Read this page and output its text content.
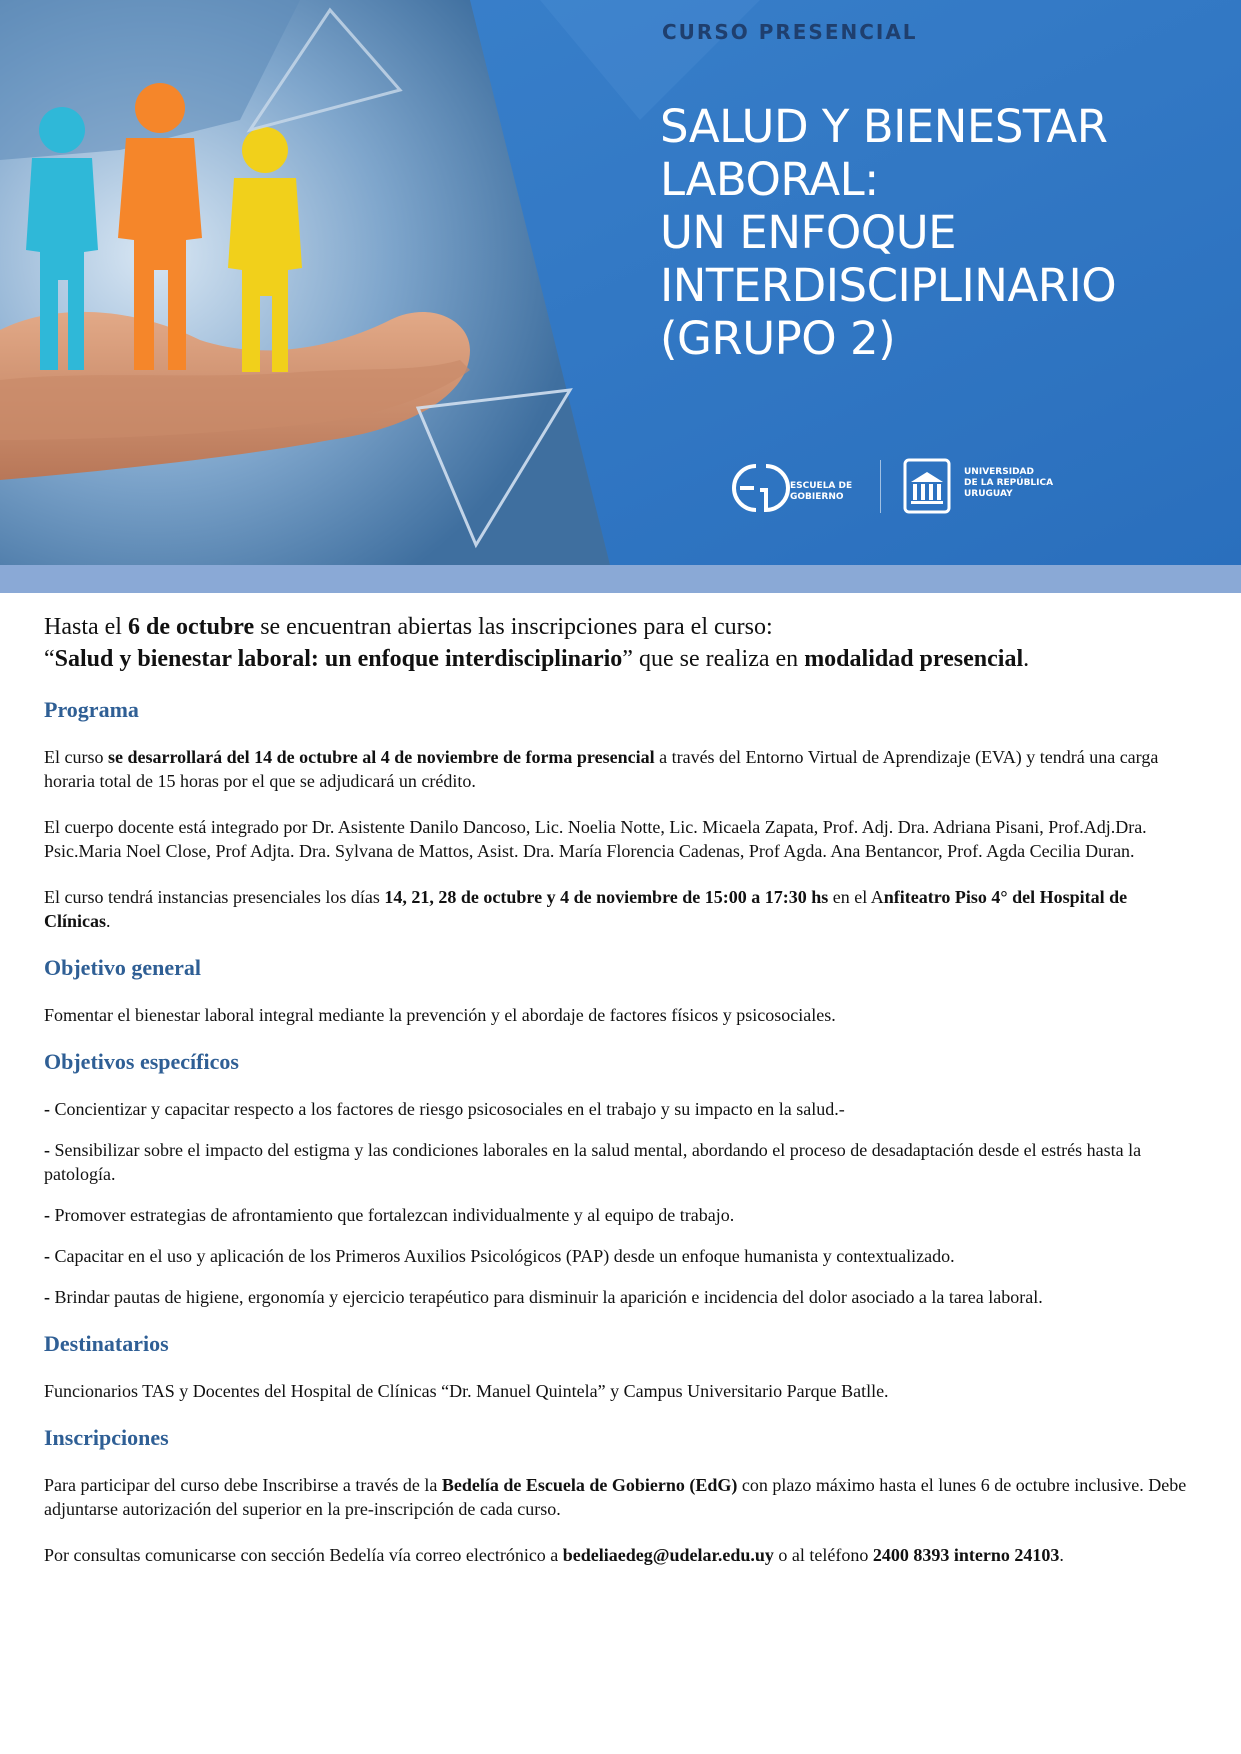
CURSO PRESENCIAL
SALUD Y BIENESTAR
LABORAL:
UN ENFOQUE
INTERDISCIPLINARIO
(GRUPO 2)
ESCUELA DE
GOBIERNO
UNIVERSIDAD
DE LA REPÚBLICA
URUGUAY
Hasta el 6 de octubre se encuentran abiertas las inscripciones para el curso:
“Salud y bienestar laboral: un enfoque interdisciplinario” que se realiza en modalidad presencial.
Programa

El curso se desarrollará del 14 de octubre al 4 de noviembre de forma presencial a través del Entorno Virtual de Aprendizaje (EVA) y tendrá una carga horaria total de 15 horas por el que se adjudicará un crédito.

El cuerpo docente está integrado por Dr. Asistente Danilo Dancoso, Lic. Noelia Notte, Lic. Micaela Zapata, Prof. Adj. Dra. Adriana Pisani, Prof.Adj.Dra. Psic.Maria Noel Close, Prof Adjta. Dra. Sylvana de Mattos, Asist. Dra. María Florencia Cadenas, Prof Agda. Ana Bentancor, Prof. Agda Cecilia Duran.

El curso tendrá instancias presenciales los días 14, 21, 28 de octubre y 4 de noviembre de 15:00 a 17:30 hs en el Anfiteatro Piso 4° del Hospital de Clínicas.

Objetivo general

Fomentar el bienestar laboral integral mediante la prevención y el abordaje de factores físicos y psicosociales.

Objetivos específicos

- Concientizar y capacitar respecto a los factores de riesgo psicosociales en el trabajo y su impacto en la salud.-

- Sensibilizar sobre el impacto del estigma y las condiciones laborales en la salud mental, abordando el proceso de desadaptación desde el estrés hasta la patología.

- Promover estrategias de afrontamiento que fortalezcan individualmente y al equipo de trabajo.

- Capacitar en el uso y aplicación de los Primeros Auxilios Psicológicos (PAP) desde un enfoque humanista y contextualizado.

- Brindar pautas de higiene, ergonomía y ejercicio terapéutico para disminuir la aparición e incidencia del dolor asociado a la tarea laboral.

Destinatarios

Funcionarios TAS y Docentes del Hospital de Clínicas “Dr. Manuel Quintela” y Campus Universitario Parque Batlle.

Inscripciones

Para participar del curso debe Inscribirse a través de la Bedelía de Escuela de Gobierno (EdG) con plazo máximo hasta el lunes 6 de octubre inclusive. Debe adjuntarse autorización del superior en la pre-inscripción de cada curso.

Por consultas comunicarse con sección Bedelía vía correo electrónico a bedeliaedeg@udelar.edu.uy o al teléfono 2400 8393 interno 24103.
